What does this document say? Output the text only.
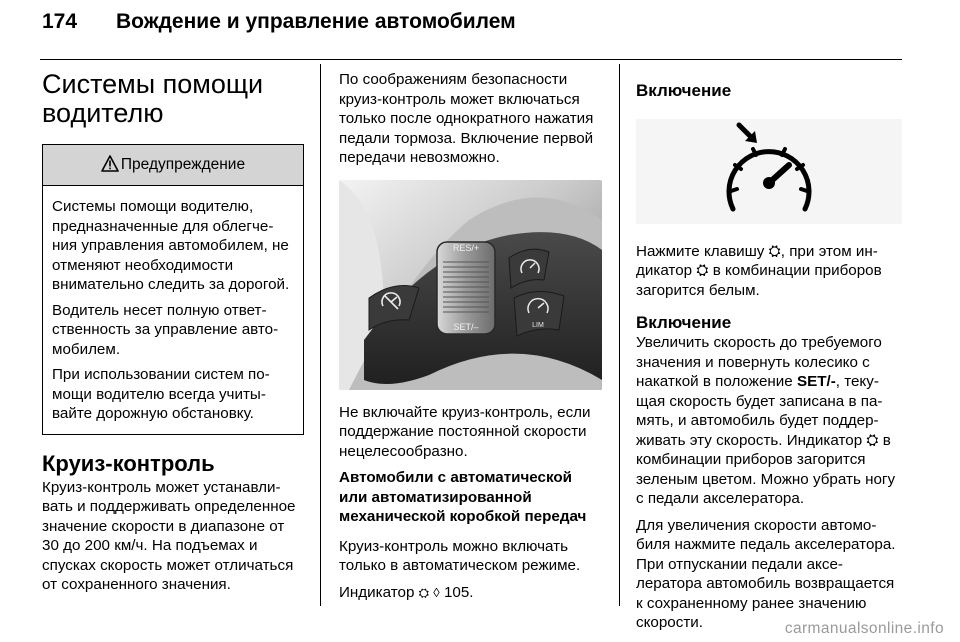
174 Вождение и управление автомобилем
Системы помощи
водителю
Предупреждение

Системы помощи водителю, предназначенные для облегчения управления автомобилем, не отменяют необходимости внимательно следить за дорогой.

Водитель несет полную ответственность за управление автомобилем.

При использовании систем помощи водителю всегда учитывайте дорожную обстановку.

Круиз-контроль

Круиз-контроль может устанавливать и поддерживать определенное значение скорости в диапазоне от 30 до 200 км/ч. На подъемах и спусках скорость может отличаться от сохраненного значения.

По соображениям безопасности круиз-контроль может включаться только после однократного нажатия педали тормоза. Включение первой передачи невозможно.

RES/+
SET/–	LIM

Не включайте круиз-контроль, если поддержание постоянной скорости нецелесообразно.

Автомобили с автоматической или автоматизированной механической коробкой передач

Круиз-контроль можно включать только в автоматическом режиме.

Индикатор ⛭ ◊ 105.

Включение

Нажмите клавишу ⛭, при этом индикатор ⛭ в комбинации приборов загорится белым.

Включение

Увеличить скорость до требуемого значения и повернуть колесико с накаткой в положение SET/-, текущая скорость будет записана в память, и автомобиль будет поддерживать эту скорость. Индикатор ⛭ в комбинации приборов загорится зеленым цветом. Можно убрать ногу с педали акселератора.

Для увеличения скорости автомобиля нажмите педаль акселератора. При отпускании педали акселератора автомобиль возвращается к сохраненному ранее значению скорости.	carmanualsonline.info
